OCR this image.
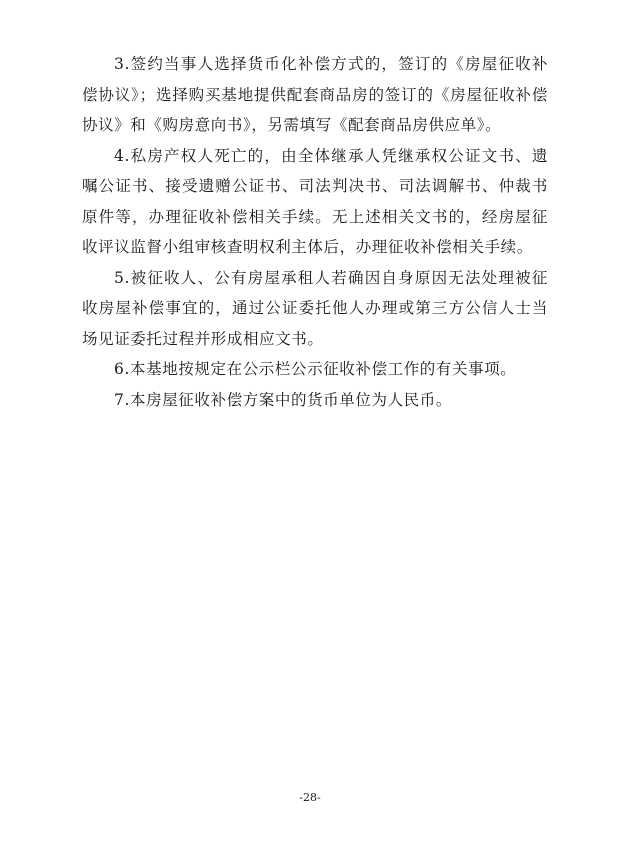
3.签约当事人选择货币化补偿方式的，签订的《房屋征收补偿协议》；选择购买基地提供配套商品房的签订的《房屋征收补偿协议》和《购房意向书》，另需填写《配套商品房供应单》。

4.私房产权人死亡的，由全体继承人凭继承权公证文书、遗嘱公证书、接受遗赠公证书、司法判决书、司法调解书、仲裁书原件等，办理征收补偿相关手续。无上述相关文书的，经房屋征收评议监督小组审核查明权利主体后，办理征收补偿相关手续。

5.被征收人、公有房屋承租人若确因自身原因无法处理被征收房屋补偿事宜的，通过公证委托他人办理或第三方公信人士当场见证委托过程并形成相应文书。

6.本基地按规定在公示栏公示征收补偿工作的有关事项。

7.本房屋征收补偿方案中的货币单位为人民币。

-28-
